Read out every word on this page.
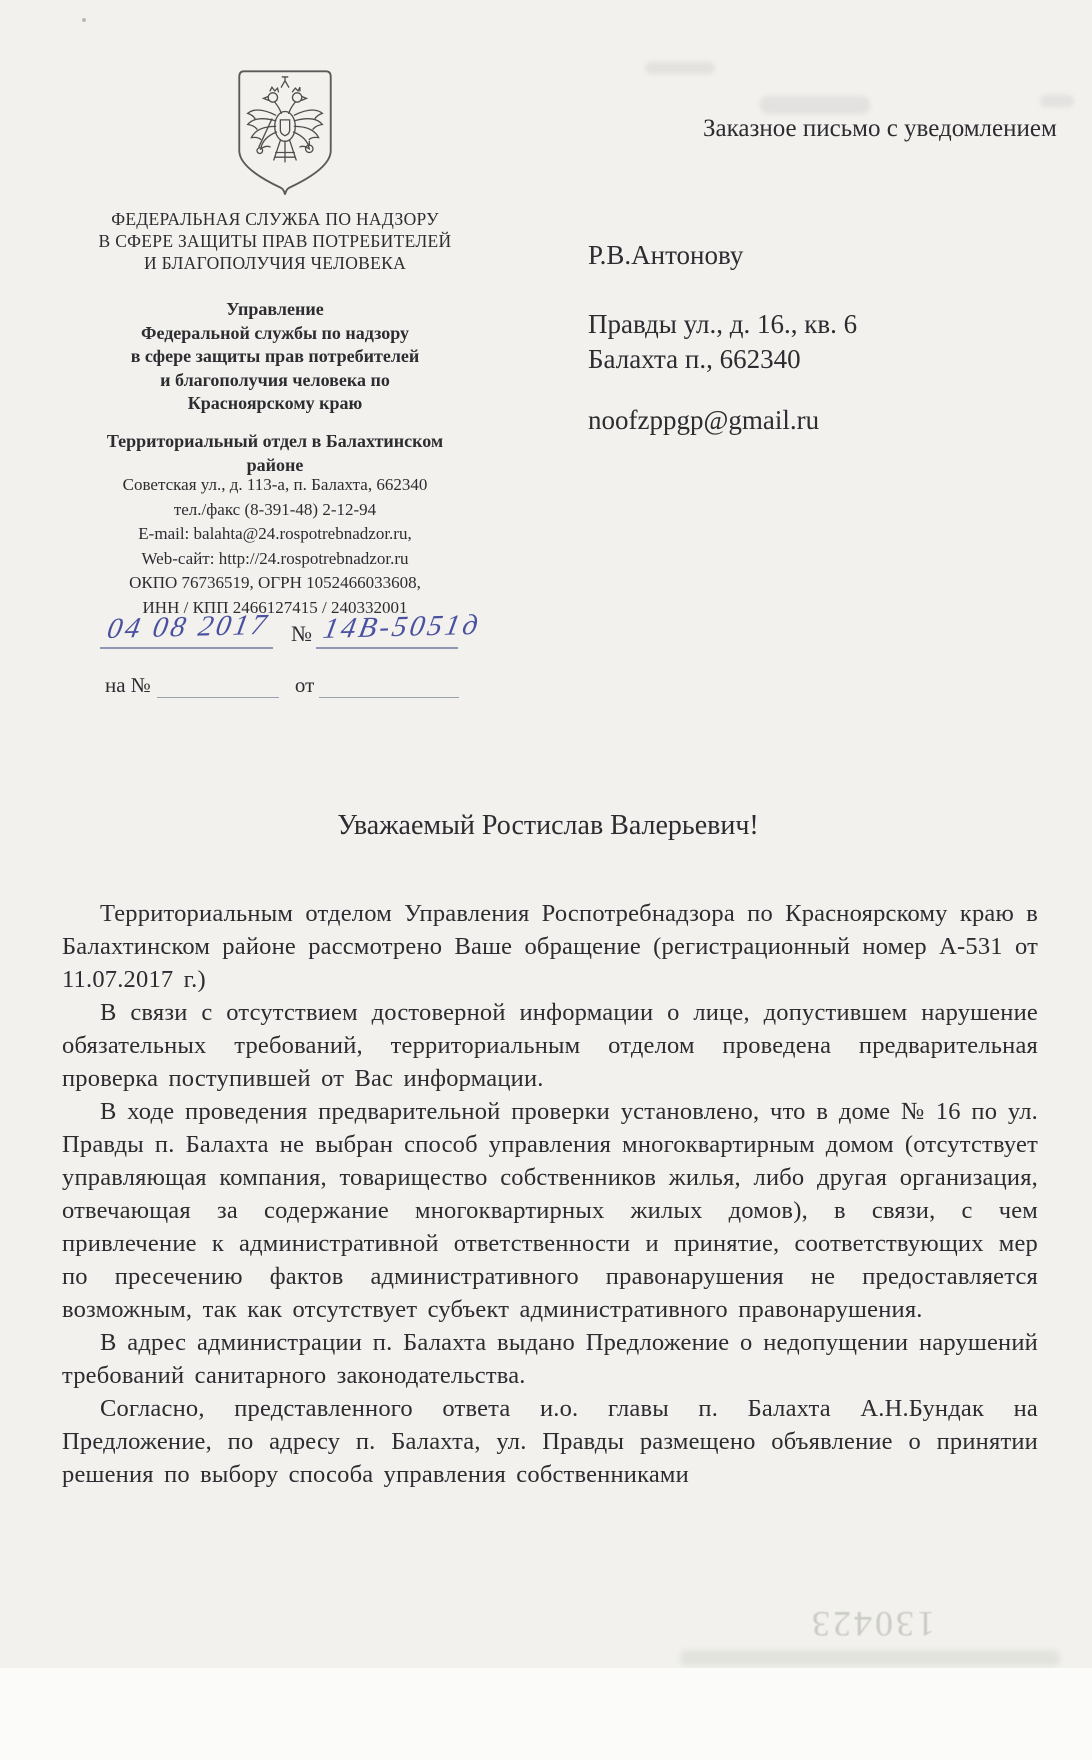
ФЕДЕРАЛЬНАЯ СЛУЖБА ПО НАДЗОРУ
В СФЕРЕ ЗАЩИТЫ ПРАВ ПОТРЕБИТЕЛЕЙ
И БЛАГОПОЛУЧИЯ ЧЕЛОВЕКА
Управление
Федеральной службы по надзору
в сфере защиты прав потребителей
и благополучия человека по
Красноярскому краю
Территориальный отдел в Балахтинском
районе
Советская ул., д. 113-а, п. Балахта, 662340
тел./факс (8-391-48) 2-12-94
E-mail: balahta@24.rospotrebnadzor.ru,
Web-сайт: http://24.rospotrebnadzor.ru
ОКПО 76736519, ОГРН 1052466033608,
ИНН / КПП 2466127415 / 240332001
04 08 2017 № 14В-5051д
на №	от
Заказное письмо с уведомлением
Р.В.Антонову
Правды ул., д. 16., кв. 6
Балахта п., 662340
noofzppgp@gmail.ru
Уважаемый Ростислав Валерьевич!

Территориальным отделом Управления Роспотребнадзора по Красноярскому краю в Балахтинском районе рассмотрено Ваше обращение (регистрационный номер А-531 от 11.07.2017 г.)

В связи с отсутствием достоверной информации о лице, допустившем нарушение обязательных требований, территориальным отделом проведена предварительная проверка поступившей от Вас информации.

В ходе проведения предварительной проверки установлено, что в доме № 16 по ул. Правды п. Балахта не выбран способ управления многоквартирным домом (отсутствует управляющая компания, товарищество собственников жилья, либо другая организация, отвечающая за содержание многоквартирных жилых домов), в связи, с чем привлечение к административной ответственности и принятие, соответствующих мер по пресечению фактов административного правонарушения не предоставляется возможным, так как отсутствует субъект административного правонарушения.

В адрес администрации п. Балахта выдано Предложение о недопущении нарушений требований санитарного законодательства.

Согласно, представленного ответа и.о. главы п. Балахта А.Н.Бундак на Предложение, по адресу п. Балахта, ул. Правды размещено объявление о принятии решения по выбору способа управления собственниками

130423
